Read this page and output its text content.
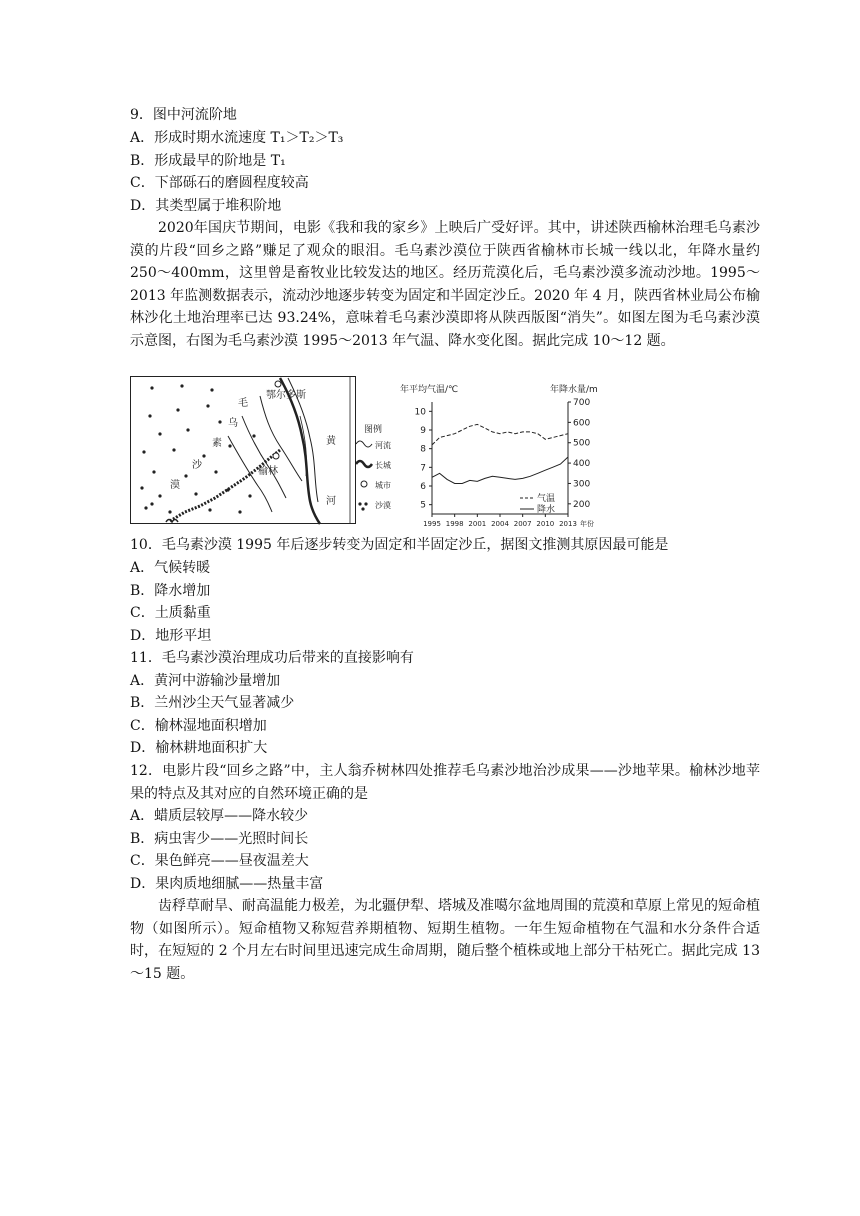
9．图中河流阶地
A．形成时期水流速度 T₁＞T₂＞T₃
B．形成最早的阶地是 T₁
C．下部砾石的磨圆程度较高
D．其类型属于堆积阶地
2020年国庆节期间，电影《我和我的家乡》上映后广受好评。其中，讲述陕西榆林治理毛乌素沙漠的片段“回乡之路”赚足了观众的眼泪。毛乌素沙漠位于陕西省榆林市长城一线以北，年降水量约 250～400mm，这里曾是畜牧业比较发达的地区。经历荒漠化后，毛乌素沙漠多流动沙地。1995～2013 年监测数据表示，流动沙地逐步转变为固定和半固定沙丘。2020 年 4 月，陕西省林业局公布榆林沙化土地治理率已达 93.24%，意味着毛乌素沙漠即将从陕西版图“消失”。如图左图为毛乌素沙漠示意图，右图为毛乌素沙漠 1995～2013 年气温、降水变化图。据此完成 10～12 题。
鄂尔多斯
榆林
毛
乌
素
沙
漠
黄
河
图例
河流
长城
城市
沙漠
年平均气温/℃	年降水量/m
5
6
7
8
9
10
200
300
400
500
600
700
1995 1998 2001 2004 2007 2010 2013 年份
气温
降水
10．毛乌素沙漠 1995 年后逐步转变为固定和半固定沙丘，据图文推测其原因最可能是
A．气候转暖
B．降水增加
C．土质黏重
D．地形平坦
11．毛乌素沙漠治理成功后带来的直接影响有
A．黄河中游输沙量增加
B．兰州沙尘天气显著减少
C．榆林湿地面积增加
D．榆林耕地面积扩大
12．电影片段“回乡之路”中，主人翁乔树林四处推荐毛乌素沙地治沙成果——沙地苹果。榆林沙地苹果的特点及其对应的自然环境正确的是
A．蜡质层较厚——降水较少
B．病虫害少——光照时间长
C．果色鲜亮——昼夜温差大
D．果肉质地细腻——热量丰富
齿稃草耐旱、耐高温能力极差，为北疆伊犁、塔城及准噶尔盆地周围的荒漠和草原上常见的短命植物（如图所示）。短命植物又称短营养期植物、短期生植物。一年生短命植物在气温和水分条件合适时，在短短的 2 个月左右时间里迅速完成生命周期，随后整个植株或地上部分干枯死亡。据此完成 13～15 题。
